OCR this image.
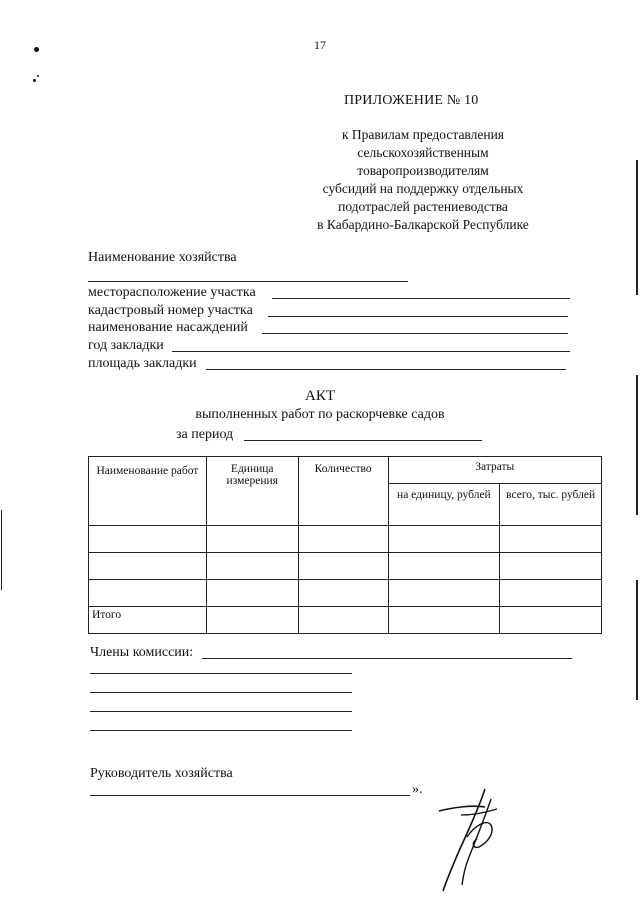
17
ПРИЛОЖЕНИЕ № 10
к Правилам предоставления
сельскохозяйственным
товаропроизводителям
субсидий на поддержку отдельных
подотраслей растениеводства
в Кабардино-Балкарской Республике
Наименование хозяйства
месторасположение участка
кадастровый номер участка
наименование насаждений
год закладки
площадь закладки
АКТ
выполненных работ по раскорчевке садов
за период
Наименование работ	Единица измерения	Количество	Затраты	
			на единицу, рублей	всего, тыс. рублей

Итого				
Члены комиссии:
Руководитель хозяйства
».
